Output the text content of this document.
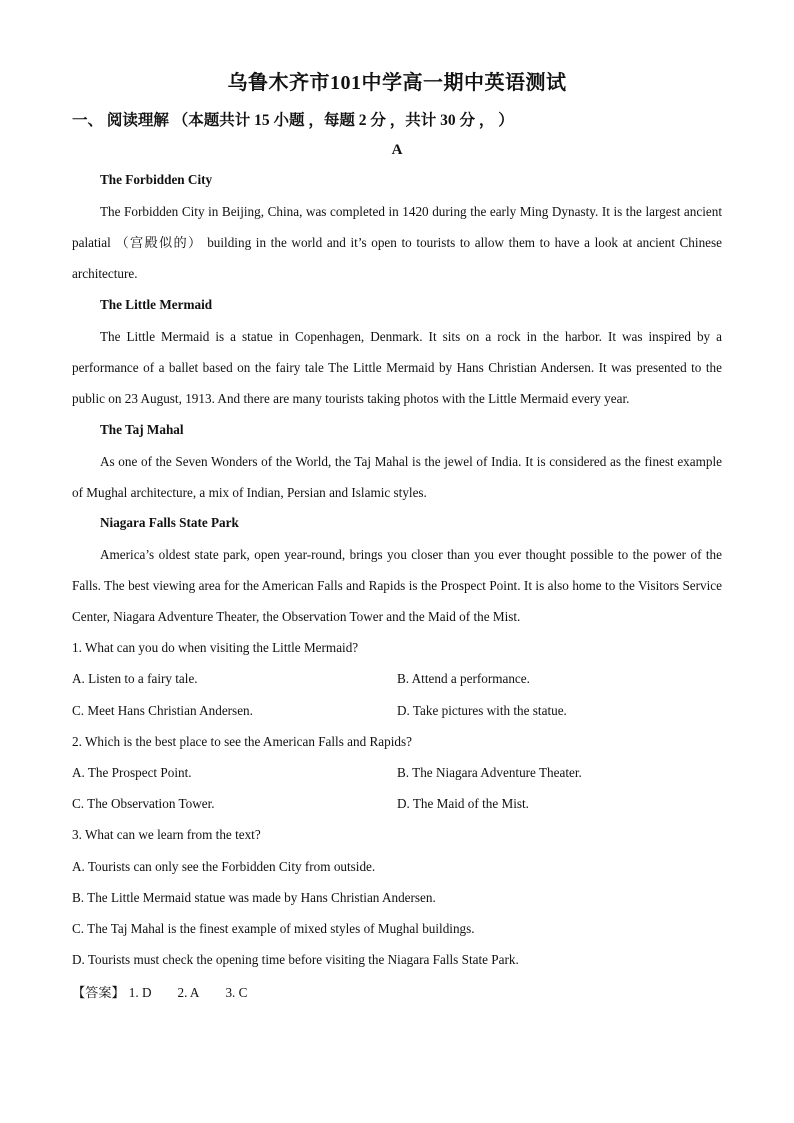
乌鲁木齐市101中学高一期中英语测试
一、 阅读理解 （本题共计 15 小题 ，每题 2 分 ，共计 30 分 ， ）
A
The Forbidden City

The Forbidden City in Beijing, China, was completed in 1420 during the early Ming Dynasty. It is the largest ancient palatial （宫殿似的） building in the world and it’s open to tourists to allow them to have a look at ancient Chinese architecture.

The Little Mermaid

The Little Mermaid is a statue in Copenhagen, Denmark. It sits on a rock in the harbor. It was inspired by a performance of a ballet based on the fairy tale The Little Mermaid by Hans Christian Andersen. It was presented to the public on 23 August, 1913. And there are many tourists taking photos with the Little Mermaid every year.

The Taj Mahal

As one of the Seven Wonders of the World, the Taj Mahal is the jewel of India. It is considered as the finest example of Mughal architecture, a mix of Indian, Persian and Islamic styles.

Niagara Falls State Park

America’s oldest state park, open year-round, brings you closer than you ever thought possible to the power of the Falls. The best viewing area for the American Falls and Rapids is the Prospect Point. It is also home to the Visitors Service Center, Niagara Adventure Theater, the Observation Tower and the Maid of the Mist.

1. What can you do when visiting the Little Mermaid?
A. Listen to a fairy tale.	B. Attend a performance.
C. Meet Hans Christian Andersen.	D. Take pictures with the statue.
2. Which is the best place to see the American Falls and Rapids?
A. The Prospect Point.	B. The Niagara Adventure Theater.
C. The Observation Tower.	D. The Maid of the Mist.
3. What can we learn from the text?
A. Tourists can only see the Forbidden City from outside.
B. The Little Mermaid statue was made by Hans Christian Andersen.
C. The Taj Mahal is the finest example of mixed styles of Mughal buildings.
D. Tourists must check the opening time before visiting the Niagara Falls State Park.
【答案】 1. D 2. A 3. C
